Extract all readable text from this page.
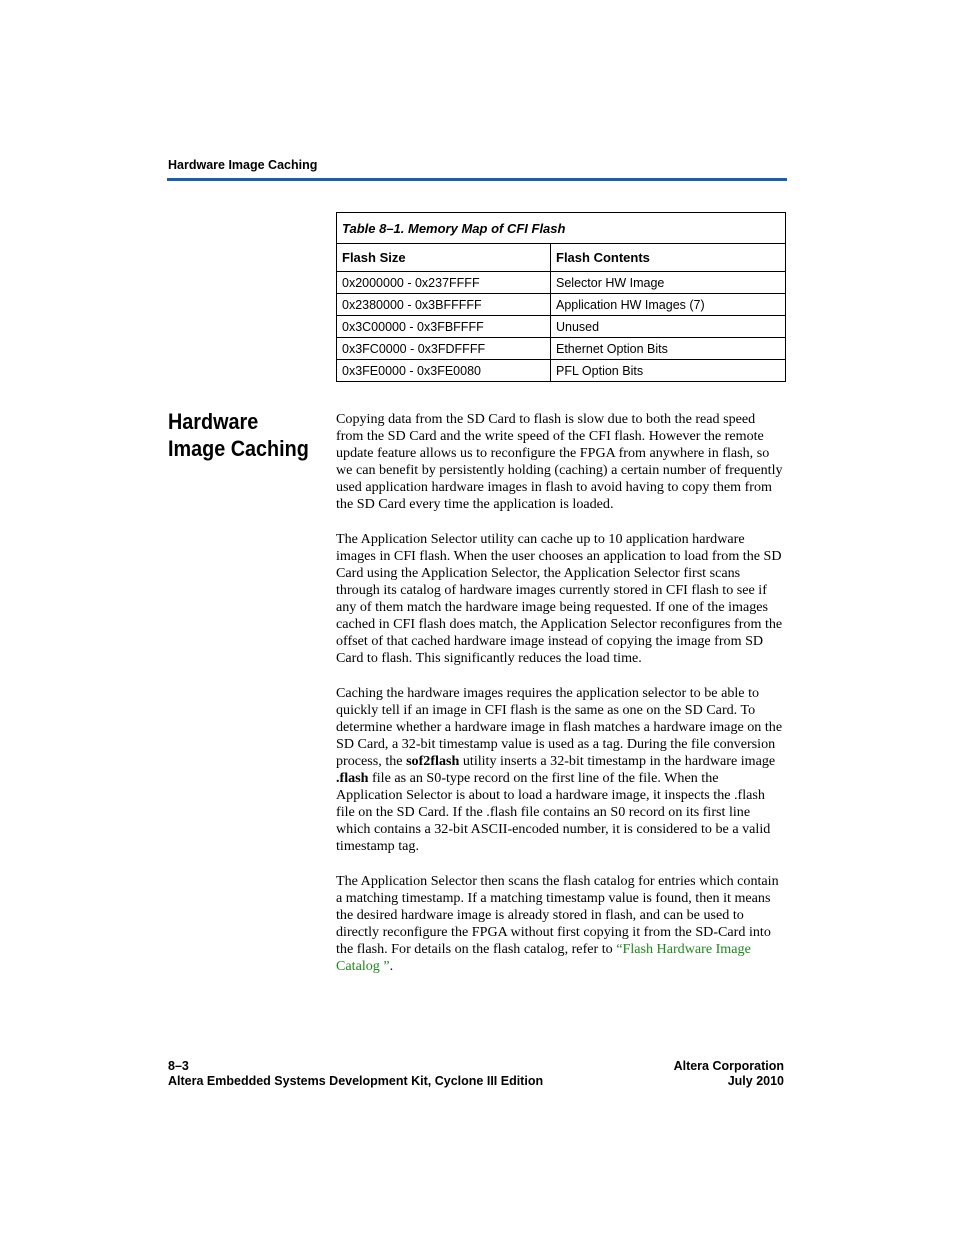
Hardware Image Caching
Table 8–1. Memory Map of CFI Flash	
Flash Size	Flash Contents
0x2000000 - 0x237FFFF	Selector HW Image
0x2380000 - 0x3BFFFFF	Application HW Images (7)
0x3C00000 - 0x3FBFFFF	Unused
0x3FC0000 - 0x3FDFFFF	Ethernet Option Bits
0x3FE0000 - 0x3FE0080	PFL Option Bits
Hardware Image Caching

Copying data from the SD Card to flash is slow due to both the read speed from the SD Card and the write speed of the CFI flash. However the remote update feature allows us to reconfigure the FPGA from anywhere in flash, so we can benefit by persistently holding (caching) a certain number of frequently used application hardware images in flash to avoid having to copy them from the SD Card every time the application is loaded.

The Application Selector utility can cache up to 10 application hardware images in CFI flash. When the user chooses an application to load from the SD Card using the Application Selector, the Application Selector first scans through its catalog of hardware images currently stored in CFI flash to see if any of them match the hardware image being requested. If one of the images cached in CFI flash does match, the Application Selector reconfigures from the offset of that cached hardware image instead of copying the image from SD Card to flash. This significantly reduces the load time.

Caching the hardware images requires the application selector to be able to quickly tell if an image in CFI flash is the same as one on the SD Card. To determine whether a hardware image in flash matches a hardware image on the SD Card, a 32-bit timestamp value is used as a tag. During the file conversion process, the sof2flash utility inserts a 32-bit timestamp in the hardware image .flash file as an S0-type record on the first line of the file. When the Application Selector is about to load a hardware image, it inspects the .flash file on the SD Card. If the .flash file contains an S0 record on its first line which contains a 32-bit ASCII-encoded number, it is considered to be a valid timestamp tag.

The Application Selector then scans the flash catalog for entries which contain a matching timestamp. If a matching timestamp value is found, then it means the desired hardware image is already stored in flash, and can be used to directly reconfigure the FPGA without first copying it from the SD-Card into the flash. For details on the flash catalog, refer to “Flash Hardware Image Catalog ”.

8–3	Altera Corporation
Altera Embedded Systems Development Kit, Cyclone III Edition	July 2010
